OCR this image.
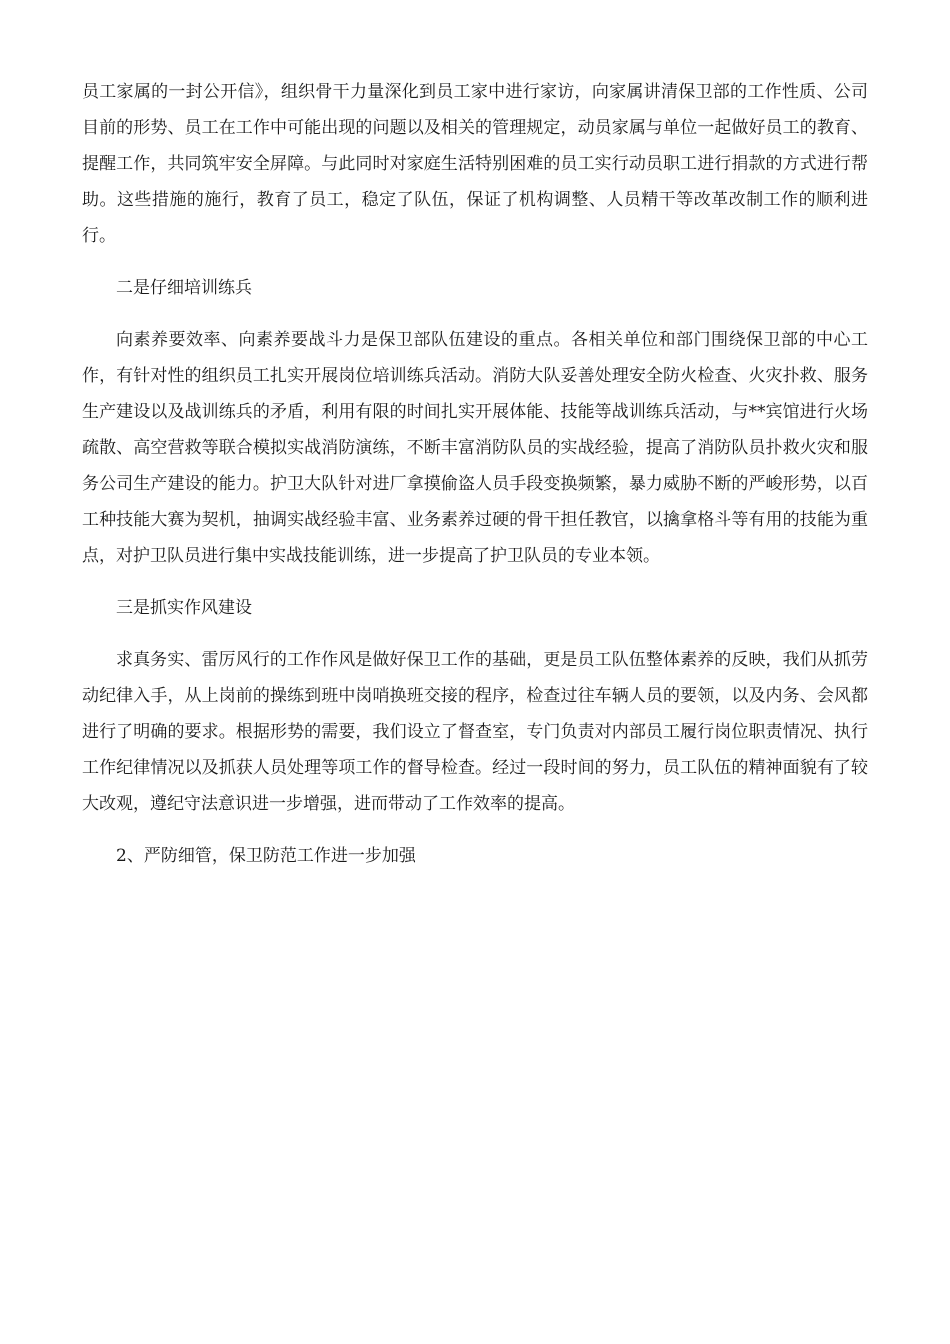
员工家属的一封公开信》，组织骨干力量深化到员工家中进行家访，向家属讲清保卫部的工作性质、公司目前的形势、员工在工作中可能出现的问题以及相关的管理规定，动员家属与单位一起做好员工的教育、提醒工作，共同筑牢安全屏障。与此同时对家庭生活特别困难的员工实行动员职工进行捐款的方式进行帮助。这些措施的施行，教育了员工，稳定了队伍，保证了机构调整、人员精干等改革改制工作的顺利进行。

二是仔细培训练兵

向素养要效率、向素养要战斗力是保卫部队伍建设的重点。各相关单位和部门围绕保卫部的中心工作，有针对性的组织员工扎实开展岗位培训练兵活动。消防大队妥善处理安全防火检查、火灾扑救、服务生产建设以及战训练兵的矛盾，利用有限的时间扎实开展体能、技能等战训练兵活动，与**宾馆进行火场疏散、高空营救等联合模拟实战消防演练，不断丰富消防队员的实战经验，提高了消防队员扑救火灾和服务公司生产建设的能力。护卫大队针对进厂拿摸偷盗人员手段变换频繁，暴力威胁不断的严峻形势，以百工种技能大赛为契机，抽调实战经验丰富、业务素养过硬的骨干担任教官，以擒拿格斗等有用的技能为重点，对护卫队员进行集中实战技能训练，进一步提高了护卫队员的专业本领。

三是抓实作风建设

求真务实、雷厉风行的工作作风是做好保卫工作的基础，更是员工队伍整体素养的反映，我们从抓劳动纪律入手，从上岗前的操练到班中岗哨换班交接的程序，检查过往车辆人员的要领，以及内务、会风都进行了明确的要求。根据形势的需要，我们设立了督查室，专门负责对内部员工履行岗位职责情况、执行工作纪律情况以及抓获人员处理等项工作的督导检查。经过一段时间的努力，员工队伍的精神面貌有了较大改观，遵纪守法意识进一步增强，进而带动了工作效率的提高。

2、严防细管，保卫防范工作进一步加强
